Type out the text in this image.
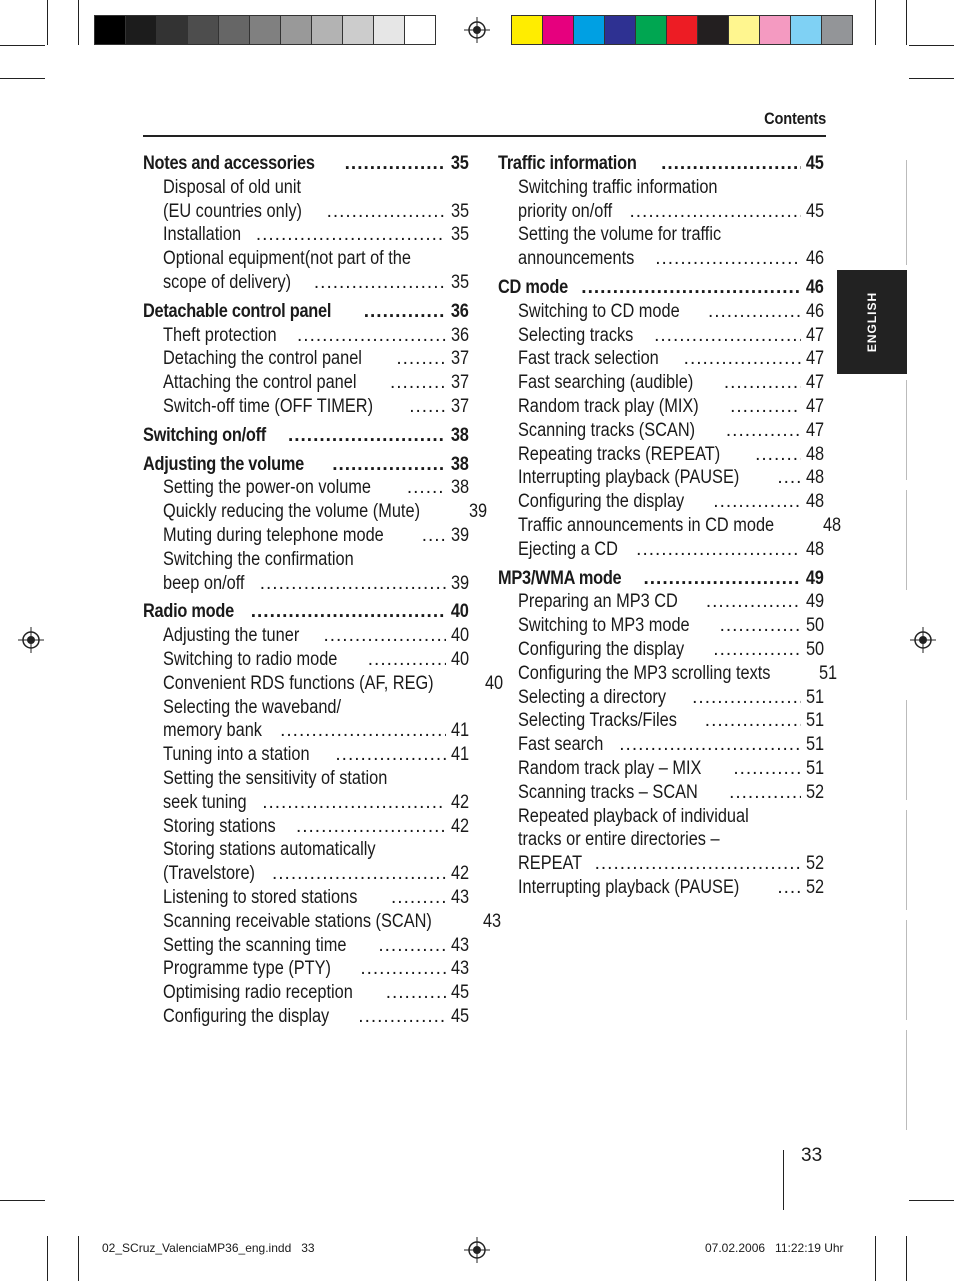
Contents
ENGLISH
Notes and accessories .....	35
Disposal of old unit
(EU countries only) .....	35
Installation .....	35
Optional equipment(not part of the
scope of delivery) .....	35
Detachable control panel .....	36
Theft protection .....	36
Detaching the control panel .....	37
Attaching the control panel .....	37
Switch-off time (OFF TIMER) .....	37
Switching on/off .....	38
Adjusting the volume .....	38
Setting the power-on volume .....	38
Quickly reducing the volume (Mute)	39
Muting during telephone mode .....	39
Switching the confirmation
beep on/off .....	39
Radio mode .....	40
Adjusting the tuner .....	40
Switching to radio mode .....	40
Convenient RDS functions (AF, REG)	40
Selecting the waveband/
memory bank .....	41
Tuning into a station .....	41
Setting the sensitivity of station
seek tuning .....	42
Storing stations .....	42
Storing stations automatically
(Travelstore) .....	42
Listening to stored stations .....	43
Scanning receivable stations (SCAN)	43
Setting the scanning time .....	43
Programme type (PTY) .....	43
Optimising radio reception .....	45
Configuring the display .....	45
Traffic information .....	45
Switching traffic information
priority on/off .....	45
Setting the volume for traffic
announcements .....	46
CD mode .....	46
Switching to CD mode .....	46
Selecting tracks .....	47
Fast track selection .....	47
Fast searching (audible) .....	47
Random track play (MIX) .....	47
Scanning tracks (SCAN) .....	47
Repeating tracks (REPEAT) .....	48
Interrupting playback (PAUSE) .....	48
Configuring the display .....	48
Traffic announcements in CD mode	48
Ejecting a CD .....	48
MP3/WMA mode .....	49
Preparing an MP3 CD .....	49
Switching to MP3 mode .....	50
Configuring the display .....	50
Configuring the MP3 scrolling texts	51
Selecting a directory .....	51
Selecting Tracks/Files .....	51
Fast search .....	51
Random track play – MIX .....	51
Scanning tracks – SCAN .....	52
Repeated playback of individual
tracks or entire directories –
REPEAT .....	52
Interrupting playback (PAUSE) .....	52
33
02_SCruz_ValenciaMP36_eng.indd   33	07.02.2006   11:22:19 Uhr
